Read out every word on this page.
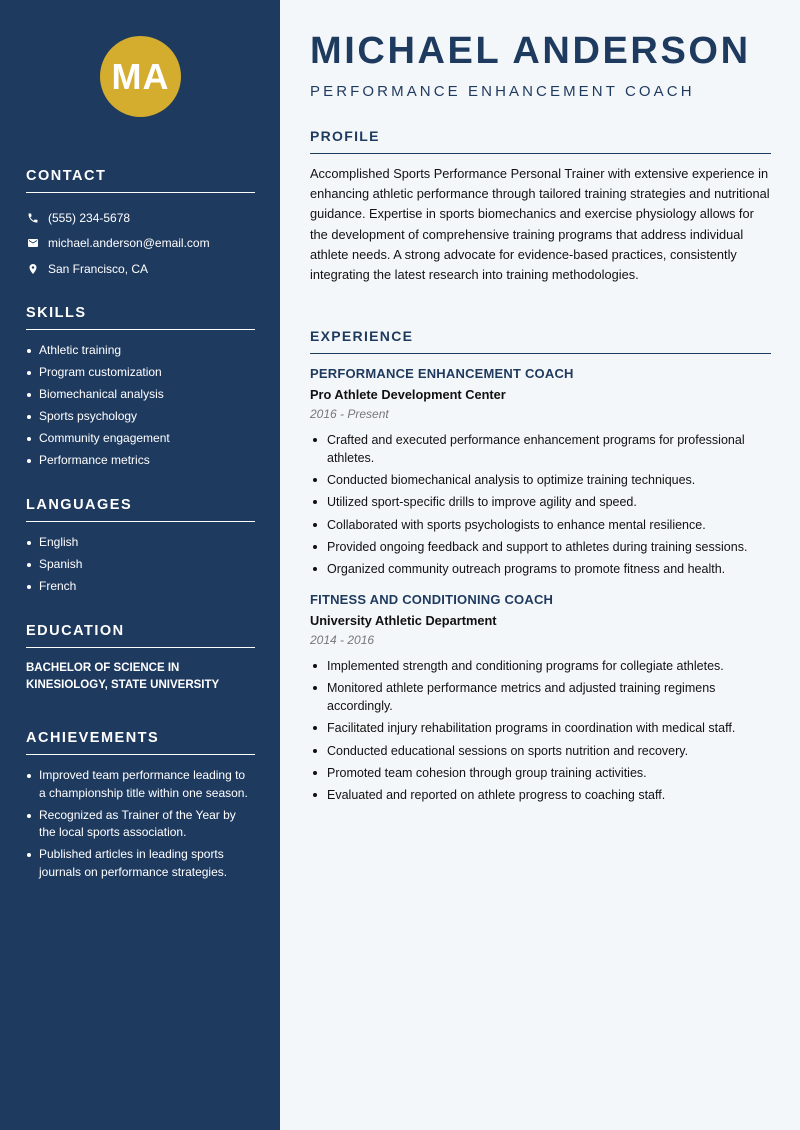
MA
CONTACT
(555) 234-5678
michael.anderson@email.com
San Francisco, CA
SKILLS
Athletic training
Program customization
Biomechanical analysis
Sports psychology
Community engagement
Performance metrics
LANGUAGES
English
Spanish
French
EDUCATION
BACHELOR OF SCIENCE IN KINESIOLOGY, STATE UNIVERSITY
ACHIEVEMENTS
Improved team performance leading to a championship title within one season.
Recognized as Trainer of the Year by the local sports association.
Published articles in leading sports journals on performance strategies.
MICHAEL ANDERSON
PERFORMANCE ENHANCEMENT COACH
PROFILE

Accomplished Sports Performance Personal Trainer with extensive experience in enhancing athletic performance through tailored training strategies and nutritional guidance. Expertise in sports biomechanics and exercise physiology allows for the development of comprehensive training programs that address individual athlete needs. A strong advocate for evidence-based practices, consistently integrating the latest research into training methodologies.

EXPERIENCE
PERFORMANCE ENHANCEMENT COACH
Pro Athlete Development Center
2016 - Present
Crafted and executed performance enhancement programs for professional athletes.
Conducted biomechanical analysis to optimize training techniques.
Utilized sport-specific drills to improve agility and speed.
Collaborated with sports psychologists to enhance mental resilience.
Provided ongoing feedback and support to athletes during training sessions.
Organized community outreach programs to promote fitness and health.
FITNESS AND CONDITIONING COACH
University Athletic Department
2014 - 2016
Implemented strength and conditioning programs for collegiate athletes.
Monitored athlete performance metrics and adjusted training regimens accordingly.
Facilitated injury rehabilitation programs in coordination with medical staff.
Conducted educational sessions on sports nutrition and recovery.
Promoted team cohesion through group training activities.
Evaluated and reported on athlete progress to coaching staff.
